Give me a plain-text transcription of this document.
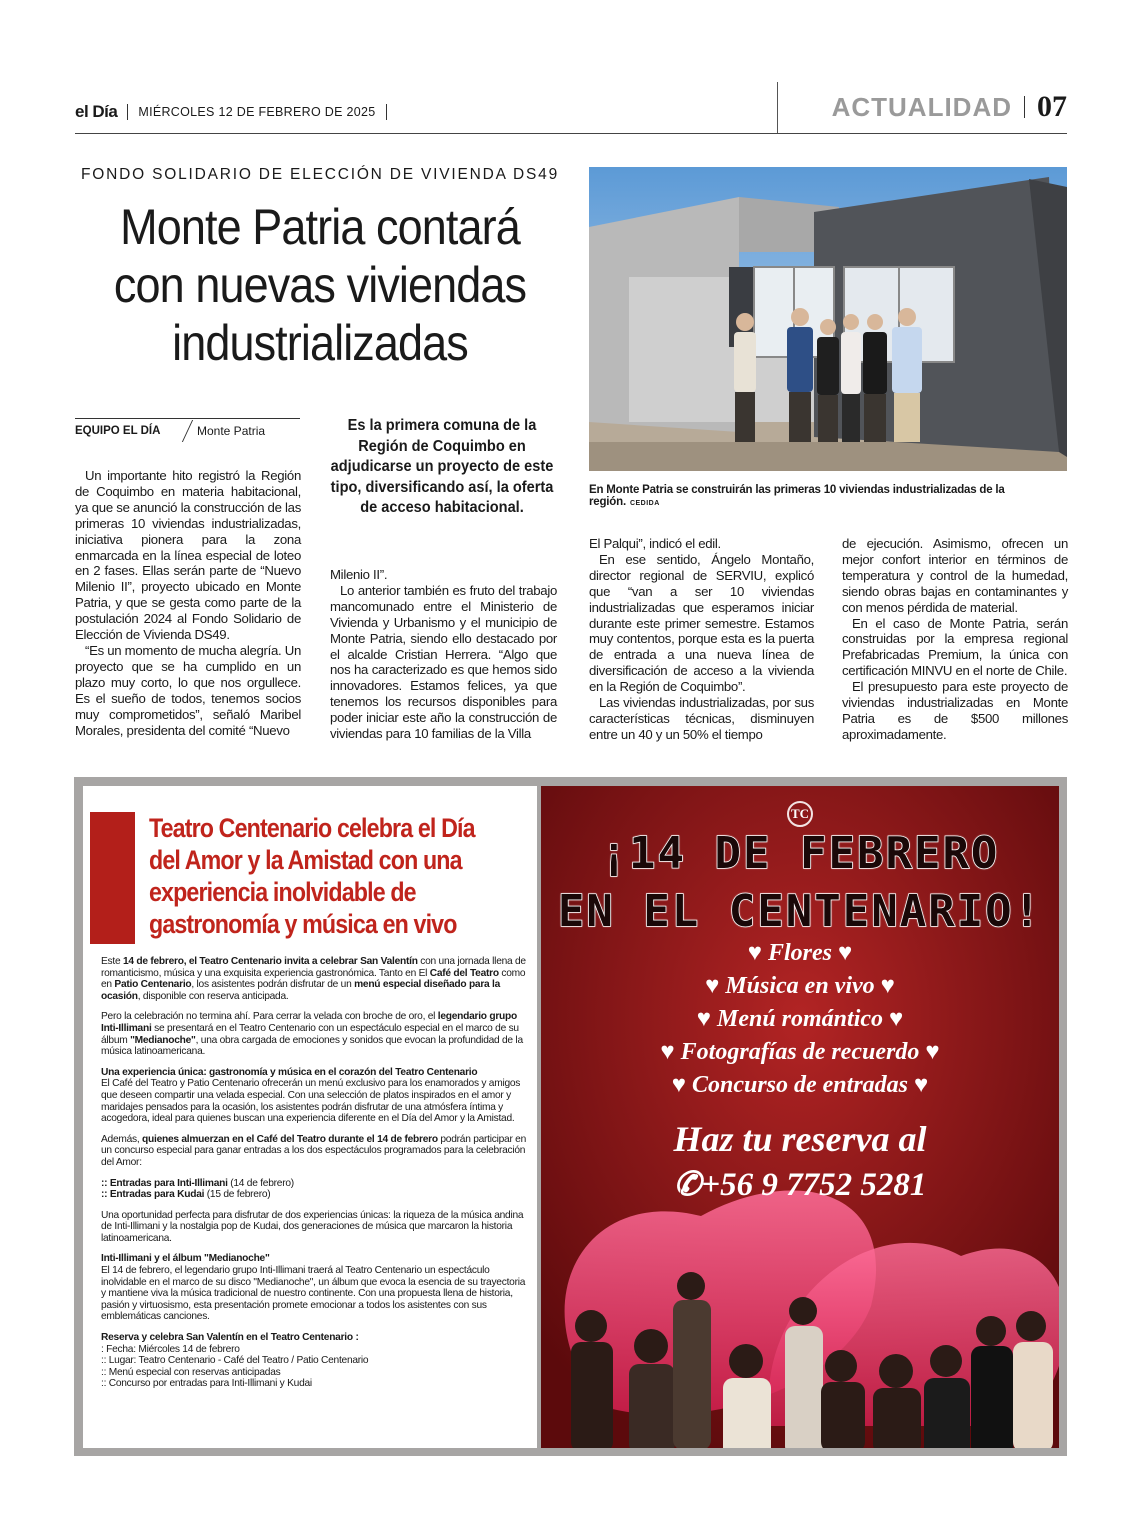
el Día MIÉRCOLES 12 DE FEBRERO DE 2025	ACTUALIDAD 07
FONDO SOLIDARIO DE ELECCIÓN DE VIVIENDA DS49
Monte Patria contará
con nuevas viviendas
industrializadas
EQUIPO EL DÍA	Monte Patria	Es la primera comuna de la Región de Coquimbo en adjudicarse un proyecto de este tipo, diversificando así, la oferta de acceso habitacional.

Un importante hito registró la Región de Coquimbo en materia habitacional, ya que se anunció la construcción de las primeras 10 viviendas industrializadas, iniciativa pionera para la zona enmarcada en la línea especial de loteo en 2 fases. Ellas serán parte de “Nuevo Milenio II”, proyecto ubicado en Monte Patria, y que se gesta como parte de la postulación 2024 al Fondo Solidario de Elección de Vivienda DS49.

“Es un momento de mucha alegría. Un proyecto que se ha cumplido en un plazo muy corto, lo que nos orgullece. Es el sueño de todos, tenemos socios muy comprometidos”, señaló Maribel Morales, presidenta del comité “Nuevo

Milenio II”.

Lo anterior también es fruto del trabajo mancomunado entre el Ministerio de Vivienda y Urbanismo y el municipio de Monte Patria, siendo ello destacado por el alcalde Cristian Herrera. “Algo que nos ha caracterizado es que hemos sido innovadores. Estamos felices, ya que tenemos los recursos disponibles para poder iniciar este año la construcción de viviendas para 10 familias de la Villa

El Palqui”, indicó el edil.

En ese sentido, Ángelo Montaño, director regional de SERVIU, explicó que “van a ser 10 viviendas industrializadas que esperamos iniciar durante este primer semestre. Estamos muy contentos, porque esta es la puerta de entrada a una nueva línea de diversificación de acceso a la vivienda en la Región de Coquimbo”.

Las viviendas industrializadas, por sus características técnicas, disminuyen entre un 40 y un 50% el tiempo

de ejecución. Asimismo, ofrecen un mejor confort interior en términos de temperatura y control de la humedad, siendo obras bajas en contaminantes y con menos pérdida de material.

En el caso de Monte Patria, serán construidas por la empresa regional Prefabricadas Premium, la única con certificación MINVU en el norte de Chile.

El presupuesto para este proyecto de viviendas industrializadas en Monte Patria es de $500 millones aproximadamente.

En Monte Patria se construirán las primeras 10 viviendas industrializadas de la región. CEDIDA
Teatro Centenario celebra el Día del Amor y la Amistad con una experiencia inolvidable de gastronomía y música en vivo

Este 14 de febrero, el Teatro Centenario invita a celebrar San Valentín con una jornada llena de romanticismo, música y una exquisita experiencia gastronómica. Tanto en El Café del Teatro como en Patio Centenario, los asistentes podrán disfrutar de un menú especial diseñado para la ocasión, disponible con reserva anticipada.

Pero la celebración no termina ahí. Para cerrar la velada con broche de oro, el legendario grupo Inti-Illimani se presentará en el Teatro Centenario con un espectáculo especial en el marco de su álbum "Medianoche", una obra cargada de emociones y sonidos que evocan la profundidad de la música latinoamericana.

Una experiencia única: gastronomía y música en el corazón del Teatro Centenario
El Café del Teatro y Patio Centenario ofrecerán un menú exclusivo para los enamorados y amigos que deseen compartir una velada especial. Con una selección de platos inspirados en el amor y maridajes pensados para la ocasión, los asistentes podrán disfrutar de una atmósfera íntima y acogedora, ideal para quienes buscan una experiencia diferente en el Día del Amor y la Amistad.

Además, quienes almuerzan en el Café del Teatro durante el 14 de febrero podrán participar en un concurso especial para ganar entradas a los dos espectáculos programados para la celebración del Amor:

:: Entradas para Inti-Illimani (14 de febrero)
:: Entradas para Kudai (15 de febrero)

Una oportunidad perfecta para disfrutar de dos experiencias únicas: la riqueza de la música andina de Inti-Illimani y la nostalgia pop de Kudai, dos generaciones de música que marcaron la historia latinoamericana.

Inti-Illimani y el álbum "Medianoche"
El 14 de febrero, el legendario grupo Inti-Illimani traerá al Teatro Centenario un espectáculo inolvidable en el marco de su disco "Medianoche", un álbum que evoca la esencia de su trayectoria y mantiene viva la música tradicional de nuestro continente. Con una propuesta llena de historia, pasión y virtuosismo, esta presentación promete emocionar a todos los asistentes con sus emblemáticas canciones.

Reserva y celebra San Valentín en el Teatro Centenario :
: Fecha: Miércoles 14 de febrero
:: Lugar: Teatro Centenario - Café del Teatro / Patio Centenario
:: Menú especial con reservas anticipadas
:: Concurso por entradas para Inti-Illimani y Kudai

TC
¡14 DE FEBRERO
EN EL CENTENARIO!
♥ Flores ♥
♥ Música en vivo ♥
♥ Menú romántico ♥
♥ Fotografías de recuerdo ♥
♥ Concurso de entradas ♥
Haz tu reserva al
✆+56 9 7752 5281
